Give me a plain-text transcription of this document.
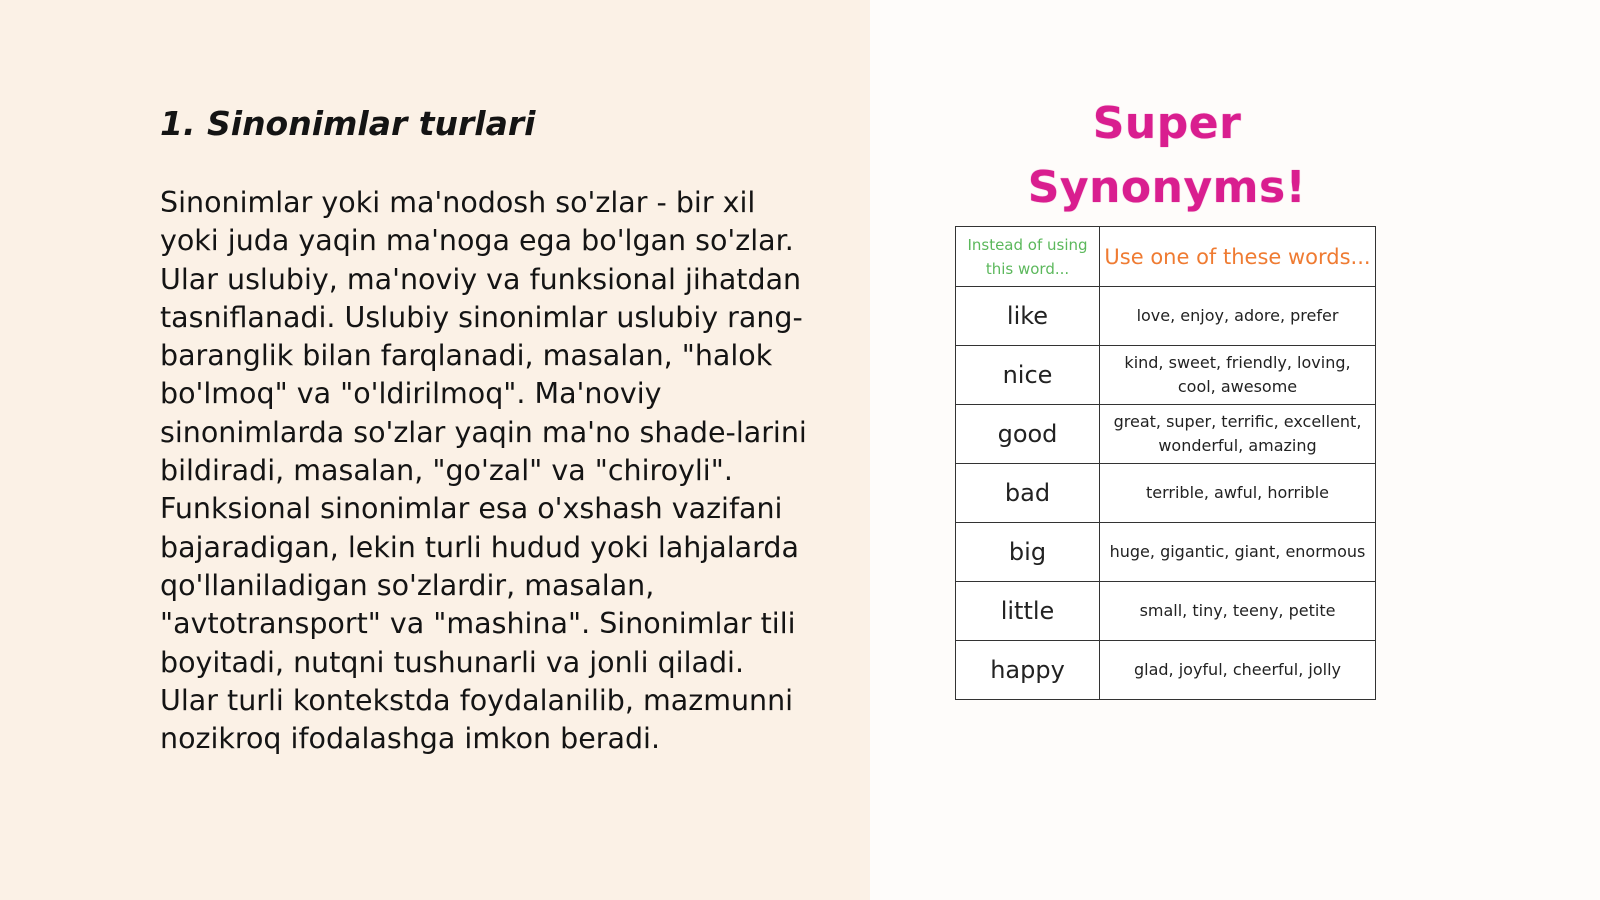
1. Sinonimlar turlari

Sinonimlar yoki ma'nodosh so'zlar - bir xil
yoki juda yaqin ma'noga ega bo'lgan so'zlar.
Ular uslubiy, ma'noviy va funksional jihatdan
tasniflanadi. Uslubiy sinonimlar uslubiy rang-
baranglik bilan farqlanadi, masalan, "halok
bo'lmoq" va "o'ldirilmoq". Ma'noviy
sinonimlarda so'zlar yaqin ma'no shade-larini
bildiradi, masalan, "go'zal" va "chiroyli".
Funksional sinonimlar esa o'xshash vazifani
bajaradigan, lekin turli hudud yoki lahjalarda
qo'llaniladigan so'zlardir, masalan,
"avtotransport" va "mashina". Sinonimlar tili
boyitadi, nutqni tushunarli va jonli qiladi.
Ular turli kontekstda foydalanilib, mazmunni
nozikroq ifodalashga imkon beradi.

Super Synonyms!
Instead of using this word...	Use one of these words...
like	love, enjoy, adore, prefer
nice	kind, sweet, friendly, loving, cool, awesome
good	great, super, terrific, excellent, wonderful, amazing
bad	terrible, awful, horrible
big	huge, gigantic, giant, enormous
little	small, tiny, teeny, petite
happy	glad, joyful, cheerful, jolly
